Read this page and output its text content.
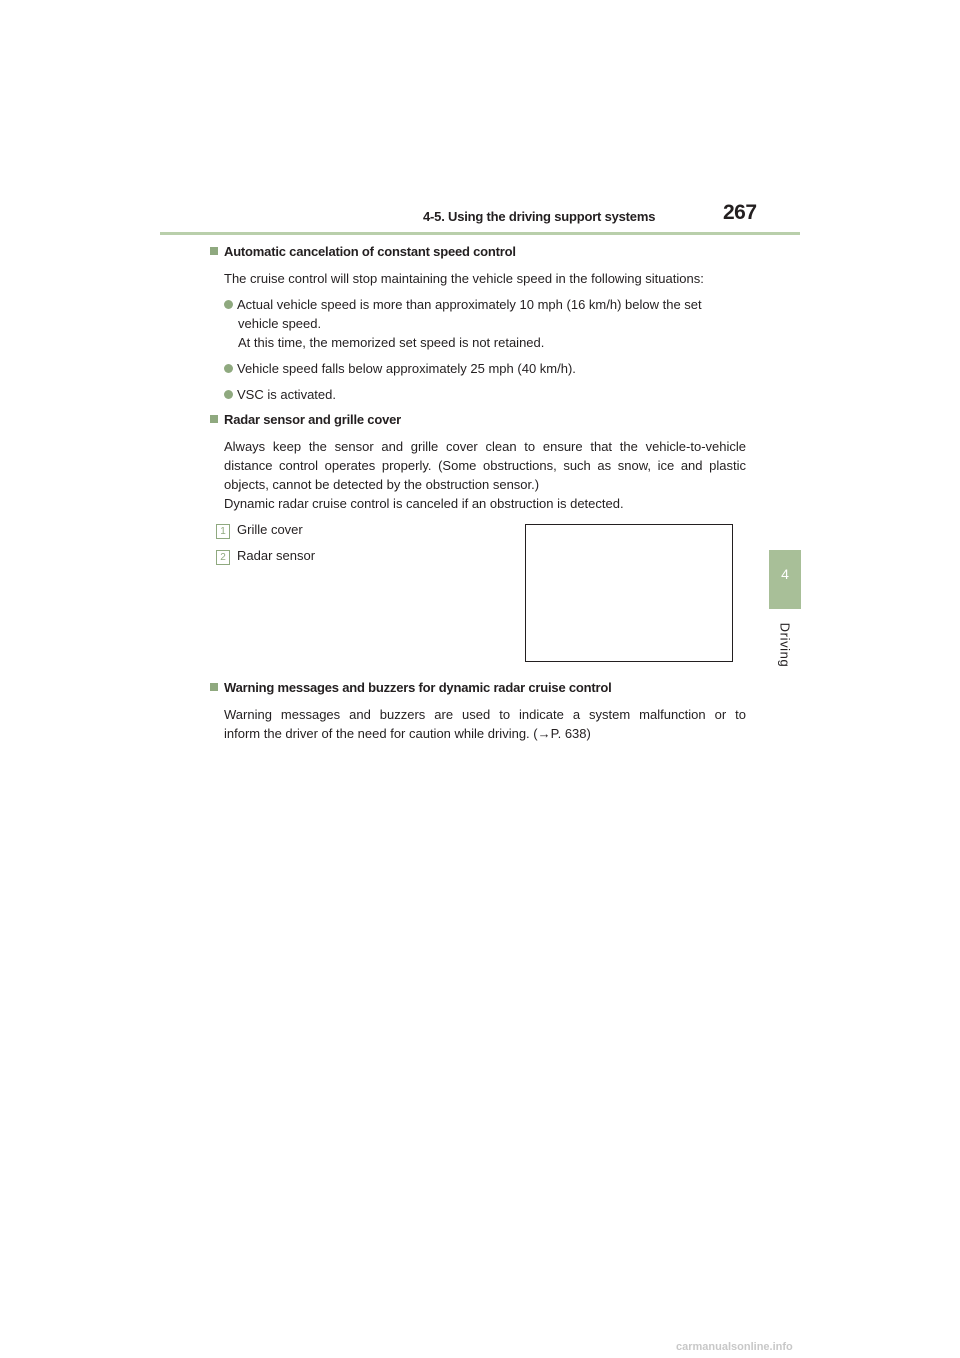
4-5. Using the driving support systems	267
4
Driving
Automatic cancelation of constant speed control
The cruise control will stop maintaining the vehicle speed in the following situations:
Actual vehicle speed is more than approximately 10 mph (16 km/h) below the set
vehicle speed.
At this time, the memorized set speed is not retained.
Vehicle speed falls below approximately 25 mph (40 km/h).
VSC is activated.
Radar sensor and grille cover
Always keep the sensor and grille cover clean to ensure that the vehicle-to-vehicle
distance control operates properly. (Some obstructions, such as snow, ice and plastic
objects, cannot be detected by the obstruction sensor.)
Dynamic radar cruise control is canceled if an obstruction is detected.
1 Grille cover
2 Radar sensor
Warning messages and buzzers for dynamic radar cruise control
Warning messages and buzzers are used to indicate a system malfunction or to
inform the driver of the need for caution while driving. (→P. 638)
carmanualsonline.info
